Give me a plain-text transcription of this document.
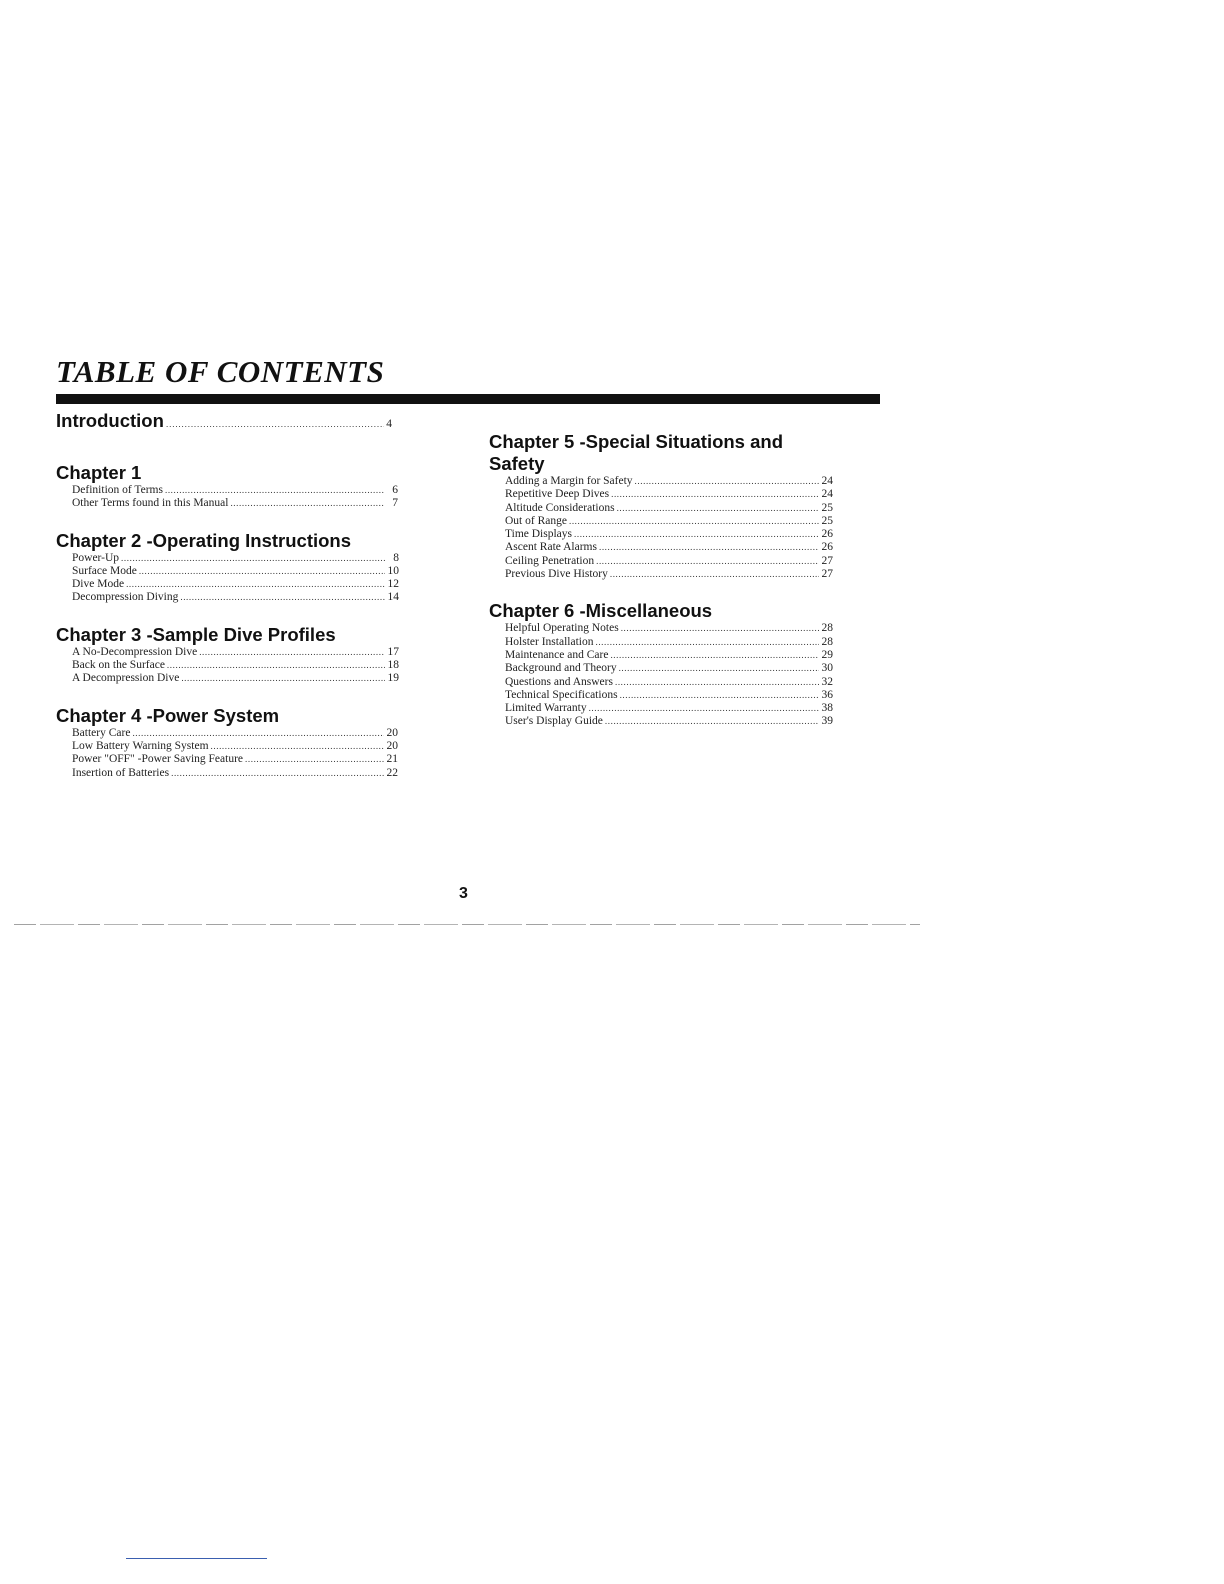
TABLE OF CONTENTS
Introduction .....	4
Chapter 1
Definition of Terms .....	6
Other Terms found in this Manual .....	7
Chapter 2 -Operating Instructions
Power-Up .....	8
Surface Mode .....	10
Dive Mode .....	12
Decompression Diving .....	14
Chapter 3 -Sample Dive Profiles
A No-Decompression Dive .....	17
Back on the Surface .....	18
A Decompression Dive .....	19
Chapter 4 -Power System
Battery Care .....	20
Low Battery Warning System .....	20
Power "OFF" -Power Saving Feature .....	21
Insertion of Batteries .....	22
Chapter 5 -Special Situations and Safety
Adding a Margin for Safety .....	24
Repetitive Deep Dives .....	24
Altitude Considerations .....	25
Out of Range .....	25
Time Displays .....	26
Ascent Rate Alarms .....	26
Ceiling Penetration .....	27
Previous Dive History .....	27
Chapter 6 -Miscellaneous
Helpful Operating Notes .....	28
Holster Installation .....	28
Maintenance and Care .....	29
Background and Theory .....	30
Questions and Answers .....	32
Technical Specifications .....	36
Limited Warranty .....	38
User's Display Guide .....	39
3
